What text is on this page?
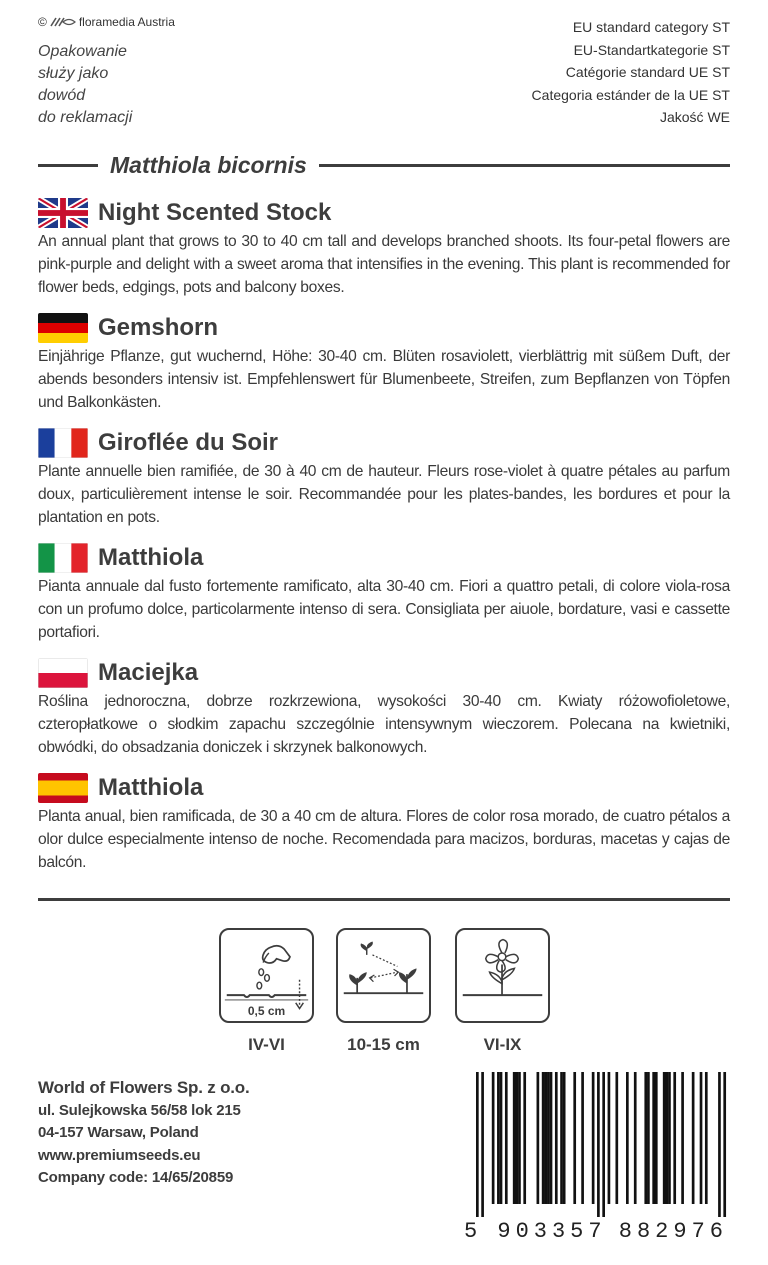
©	floramedia Austria
Opakowanie
służy jako
dowód
do reklamacji
EU standard category ST
EU-Standartkategorie ST
Catégorie standard UE ST
Categoria estánder de la UE ST
Jakość WE
Matthiola bicornis
Night Scented Stock
An annual plant that grows to 30 to 40 cm tall and develops branched shoots. Its four-petal flowers are pink-purple and delight with a sweet aroma that intensifies in the evening. This plant is recommended for flower beds, edgings, pots and balcony boxes.
Gemshorn
Einjährige Pflanze, gut wuchernd, Höhe: 30-40 cm. Blüten rosaviolett, vierblättrig mit süßem Duft, der abends besonders intensiv ist. Empfehlenswert für Blumenbeete, Streifen, zum Bepflanzen von Töpfen und Balkonkästen.
Giroflée du Soir
Plante annuelle bien ramifiée, de 30 à 40 cm de hauteur. Fleurs rose-violet à quatre pétales au parfum doux, particulièrement intense le soir. Recommandée pour les plates-bandes, les bordures et pour la plantation en pots.
Matthiola
Pianta annuale dal fusto fortemente ramificato, alta 30-40 cm. Fiori a quattro petali, di colore viola-rosa con un profumo dolce, particolarmente intenso di sera. Consigliata per aiuole, bordature, vasi e cassette portafiori.
Maciejka
Roślina jednoroczna, dobrze rozkrzewiona, wysokości 30-40 cm. Kwiaty różowofioletowe, czteropłatkowe o słodkim zapachu szczególnie intensywnym wieczorem. Polecana na kwietniki, obwódki, do obsadzania doniczek i skrzynek balkonowych.
Matthiola
Planta anual, bien ramificada, de 30 a 40 cm de altura. Flores de color rosa morado, de cuatro pétalos a olor dulce especialmente intenso de noche. Recomendada para macizos, borduras, macetas y cajas de balcón.
0,5 cm
IV-VI	10-15 cm	VI-IX
World of Flowers Sp. z o.o.
ul. Sulejkowska 56/58 lok 215
04-157 Warsaw, Poland
www.premiumseeds.eu
Company code: 14/65/20859
5 903357 882976
